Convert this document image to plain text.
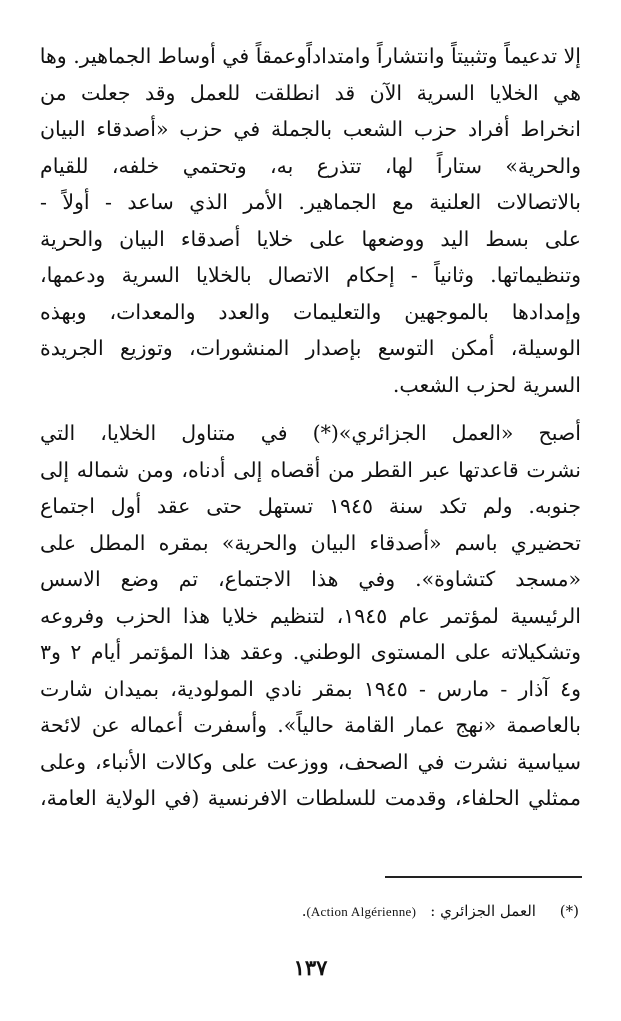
إلا تدعيماً وتثبيتاً وانتشاراً وامتداداًوعمقاً في أوساط الجماهير. وها
هي الخلايا السرية الآن قد انطلقت للعمل وقد جعلت من
انخراط أفراد حزب الشعب بالجملة في حزب «أصدقاء البيان
والحرية» ستاراً لها، تتذرع به، وتحتمي خلفه، للقيام
بالاتصالات العلنية مع الجماهير. الأمر الذي ساعد - أولاً -
على بسط اليد ووضعها على خلايا أصدقاء البيان والحرية
وتنظيماتها. وثانياً - إحكام الاتصال بالخلايا السرية ودعمها،
وإمدادها بالموجهين والتعليمات والعدد والمعدات، وبهذه
الوسيلة، أمكن التوسع بإصدار المنشورات، وتوزيع الجريدة
السرية لحزب الشعب.
أصبح «العمل الجزائري»(*) في متناول الخلايا، التي
نشرت قاعدتها عبر القطر من أقصاه إلى أدناه، ومن شماله إلى
جنوبه. ولم تكد سنة ١٩٤٥ تستهل حتى عقد أول اجتماع
تحضيري باسم «أصدقاء البيان والحرية» بمقره المطل على
«مسجد كتشاوة». وفي هذا الاجتماع، تم وضع الاسس
الرئيسية لمؤتمر عام ١٩٤٥، لتنظيم خلايا هذا الحزب وفروعه
وتشكيلاته على المستوى الوطني. وعقد هذا المؤتمر أيام ٢ و٣
و٤ آذار - مارس - ١٩٤٥ بمقر نادي المولودية، بميدان شارت
بالعاصمة «نهج عمار القامة حالياً». وأسفرت أعماله عن لائحة
سياسية نشرت في الصحف، ووزعت على وكالات الأنباء، وعلى
ممثلي الحلفاء، وقدمت للسلطات الافرنسية (في الولاية العامة،
(*)     العمل الجزائري :   (Action Algérienne).
١٣٧
